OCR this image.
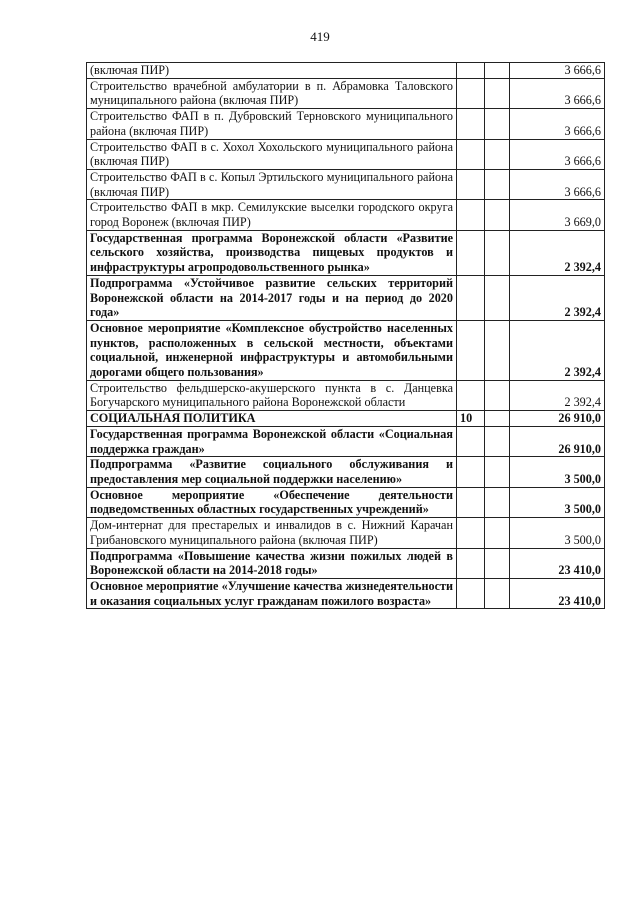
419
(включая ПИР)			3 666,6
Строительство врачебной амбулатории в п. Абрамовка Таловского муниципального района (включая ПИР)			3 666,6
Строительство ФАП в п. Дубровский Терновского муниципального района (включая ПИР)			3 666,6
Строительство ФАП в с. Хохол Хохольского муниципального района (включая ПИР)			3 666,6
Строительство ФАП в с. Копыл Эртильского муниципального района (включая ПИР)			3 666,6
Строительство ФАП в мкр. Семилукские выселки городского округа город Воронеж (включая ПИР)			3 669,0
Государственная программа Воронежской области «Развитие сельского хозяйства, производства пищевых продуктов и инфраструктуры агропродовольственного рынка»			2 392,4
Подпрограмма «Устойчивое развитие сельских территорий Воронежской области на 2014-2017 годы и на период до 2020 года»			2 392,4
Основное мероприятие «Комплексное обустройство населенных пунктов, расположенных в сельской местности, объектами социальной, инженерной инфраструктуры и автомобильными дорогами общего пользования»			2 392,4
Строительство фельдшерско-акушерского пункта в с. Данцевка Богучарского муниципального района Воронежской области			2 392,4
СОЦИАЛЬНАЯ ПОЛИТИКА	10		26 910,0
Государственная программа Воронежской области «Социальная поддержка граждан»			26 910,0
Подпрограмма «Развитие социального обслуживания и предоставления мер социальной поддержки населению»			3 500,0
Основное мероприятие «Обеспечение деятельности подведомственных областных государственных учреждений»			3 500,0
Дом-интернат для престарелых и инвалидов в с. Нижний Карачан Грибановского муниципального района (включая ПИР)			3 500,0
Подпрограмма «Повышение качества жизни пожилых людей в Воронежской области на 2014-2018 годы»			23 410,0
Основное мероприятие «Улучшение качества жизнедеятельности и оказания социальных услуг гражданам пожилого возраста»			23 410,0
